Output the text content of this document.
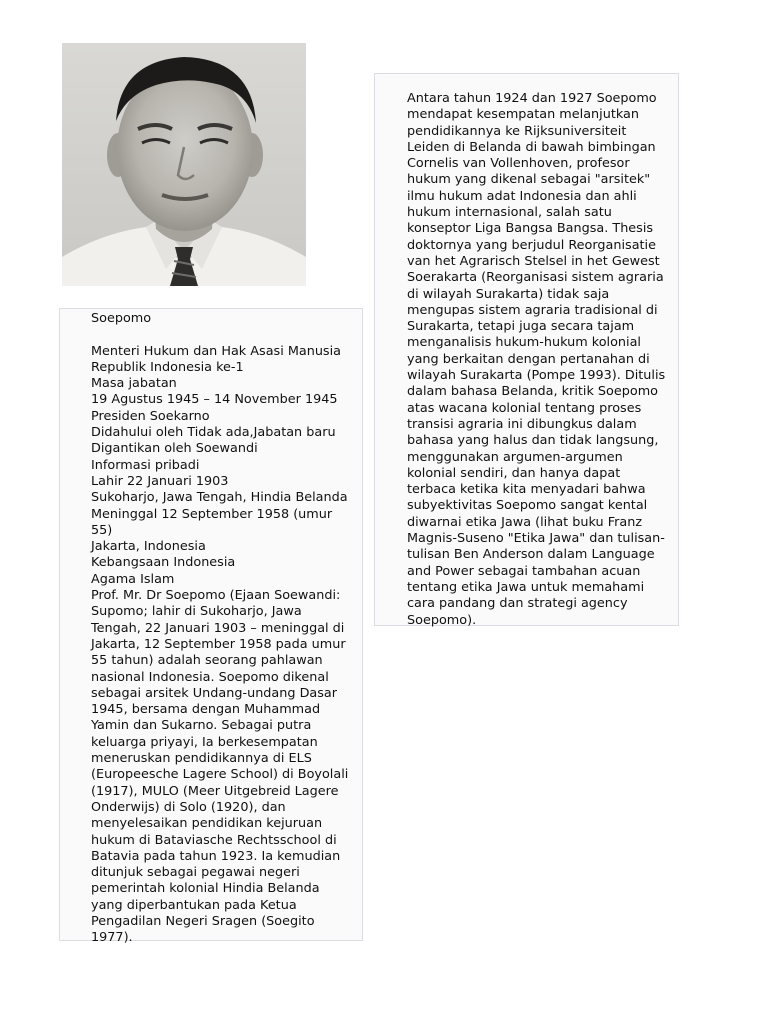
Soepomo
Menteri Hukum dan Hak Asasi Manusia
Republik Indonesia ke-1
Masa jabatan
19 Agustus 1945 – 14 November 1945
Presiden Soekarno
Didahului oleh Tidak ada,Jabatan baru
Digantikan oleh Soewandi
Informasi pribadi
Lahir 22 Januari 1903
Sukoharjo, Jawa Tengah, Hindia Belanda
Meninggal 12 September 1958 (umur
55)
Jakarta, Indonesia
Kebangsaan Indonesia
Agama Islam
Prof. Mr. Dr Soepomo (Ejaan Soewandi:
Supomo; lahir di Sukoharjo, Jawa
Tengah, 22 Januari 1903 – meninggal di
Jakarta, 12 September 1958 pada umur
55 tahun) adalah seorang pahlawan
nasional Indonesia. Soepomo dikenal
sebagai arsitek Undang-undang Dasar
1945, bersama dengan Muhammad
Yamin dan Sukarno. Sebagai putra
keluarga priyayi, Ia berkesempatan
meneruskan pendidikannya di ELS
(Europeesche Lagere School) di Boyolali
(1917), MULO (Meer Uitgebreid Lagere
Onderwijs) di Solo (1920), dan
menyelesaikan pendidikan kejuruan
hukum di Bataviasche Rechtsschool di
Batavia pada tahun 1923. Ia kemudian
ditunjuk sebagai pegawai negeri
pemerintah kolonial Hindia Belanda
yang diperbantukan pada Ketua
Pengadilan Negeri Sragen (Soegito
1977).
Antara tahun 1924 dan 1927 Soepomo
mendapat kesempatan melanjutkan
pendidikannya ke Rijksuniversiteit
Leiden di Belanda di bawah bimbingan
Cornelis van Vollenhoven, profesor
hukum yang dikenal sebagai "arsitek"
ilmu hukum adat Indonesia dan ahli
hukum internasional, salah satu
konseptor Liga Bangsa Bangsa. Thesis
doktornya yang berjudul Reorganisatie
van het Agrarisch Stelsel in het Gewest
Soerakarta (Reorganisasi sistem agraria
di wilayah Surakarta) tidak saja
mengupas sistem agraria tradisional di
Surakarta, tetapi juga secara tajam
menganalisis hukum-hukum kolonial
yang berkaitan dengan pertanahan di
wilayah Surakarta (Pompe 1993). Ditulis
dalam bahasa Belanda, kritik Soepomo
atas wacana kolonial tentang proses
transisi agraria ini dibungkus dalam
bahasa yang halus dan tidak langsung,
menggunakan argumen-argumen
kolonial sendiri, dan hanya dapat
terbaca ketika kita menyadari bahwa
subyektivitas Soepomo sangat kental
diwarnai etika Jawa (lihat buku Franz
Magnis-Suseno "Etika Jawa" dan tulisan-
tulisan Ben Anderson dalam Language
and Power sebagai tambahan acuan
tentang etika Jawa untuk memahami
cara pandang dan strategi agency
Soepomo).
